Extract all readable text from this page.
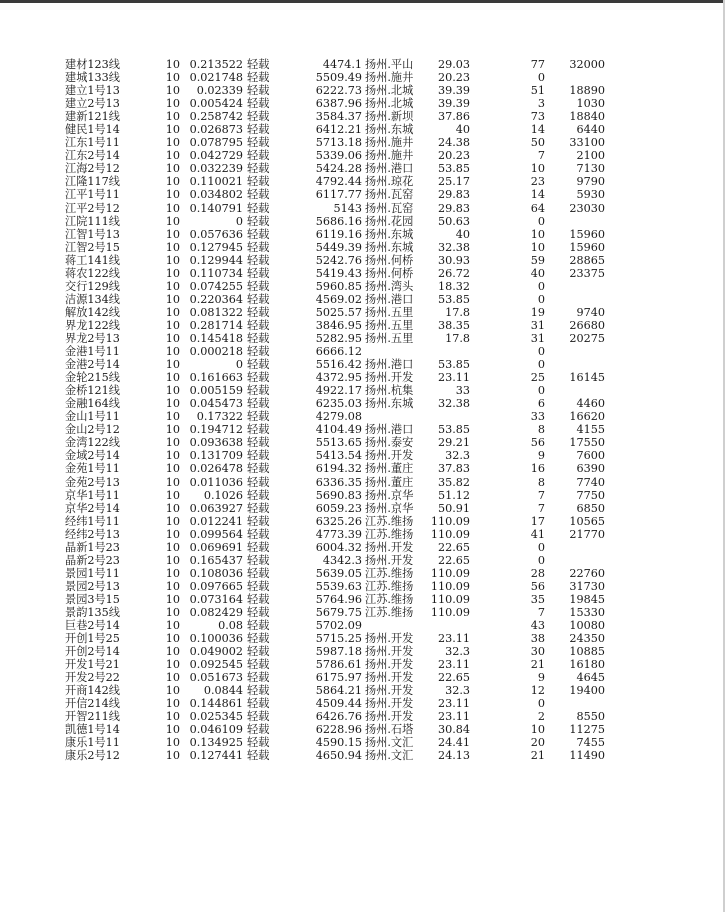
建材123线	10 0.213522 轻载	4474.1 扬州.平山	29.03	77	32000
建城133线	10 0.021748 轻载	5509.49 扬州.施井	20.23	0
建立1号13	10	0.02339 轻载	6222.73 扬州.北城	39.39	51	18890
建立2号13	10 0.005424 轻载	6387.96 扬州.北城	39.39	3	1030
建新121线	10 0.258742 轻载	3584.37 扬州.新坝	37.86	73	18840
健民1号14	10 0.026873 轻载	6412.21 扬州.东城	40	14	6440
江东1号11	10 0.078795 轻载	5713.18 扬州.施井	24.38	50	33100
江东2号14	10 0.042729 轻载	5339.06 扬州.施井	20.23	7	2100
江海2号12	10 0.032239 轻载	5424.28 扬州.港口	53.85	10	7130
江隆117线	10 0.110021 轻载	4792.44 扬州.琼花	25.17	23	9790
江平1号11	10 0.034802 轻载	6117.77 扬州.瓦窑	29.83	14	5930
江平2号12	10 0.140791 轻载	5143 扬州.瓦窑	29.83	64	23030
江院111线	10	0 轻载	5686.16 扬州.花园	50.63	0
江智1号13	10 0.057636 轻载	6119.16 扬州.东城	40	10	15960
江智2号15	10 0.127945 轻载	5449.39 扬州.东城	32.38	10	15960
蒋工141线	10 0.129944 轻载	5242.76 扬州.何桥	30.93	59	28865
蒋农122线	10 0.110734 轻载	5419.43 扬州.何桥	26.72	40	23375
交行129线	10 0.074255 轻载	5960.85 扬州.湾头	18.32	0
洁源134线	10 0.220364 轻载	4569.02 扬州.港口	53.85	0
解放142线	10 0.081322 轻载	5025.57 扬州.五里	17.8	19	9740
界龙122线	10 0.281714 轻载	3846.95 扬州.五里	38.35	31	26680
界龙2号13	10 0.145418 轻载	5282.95 扬州.五里	17.8	31	20275
金港1号11	10 0.000218 轻载	6666.12	0
金港2号14	10	0 轻载	5516.42 扬州.港口	53.85	0
金轮215线	10 0.161663 轻载	4372.95 扬州.开发	23.11	25	16145
金桥121线	10 0.005159 轻载	4922.17 扬州.杭集	33	0
金融164线	10 0.045473 轻载	6235.03 扬州.东城	32.38	6	4460
金山1号11	10	0.17322 轻载	4279.08	33	16620
金山2号12	10 0.194712 轻载	4104.49 扬州.港口	53.85	8	4155
金湾122线	10 0.093638 轻载	5513.65 扬州.泰安	29.21	56	17550
金域2号14	10 0.131709 轻载	5413.54 扬州.开发	32.3	9	7600
金苑1号11	10 0.026478 轻载	6194.32 扬州.董庄	37.83	16	6390
金苑2号13	10 0.011036 轻载	6336.35 扬州.董庄	35.82	8	7740
京华1号11	10	0.1026 轻载	5690.83 扬州.京华	51.12	7	7750
京华2号14	10 0.063927 轻载	6059.23 扬州.京华	50.91	7	6850
经纬1号11	10 0.012241 轻载	6325.26 江苏.维扬	110.09	17	10565
经纬2号13	10 0.099564 轻载	4773.39 江苏.维扬	110.09	41	21770
晶新1号23	10 0.069691 轻载	6004.32 扬州.开发	22.65	0
晶新2号23	10 0.165437 轻载	4342.3 扬州.开发	22.65	0
景园1号11	10 0.108036 轻载	5639.05 江苏.维扬	110.09	28	22760
景园2号13	10 0.097665 轻载	5539.63 江苏.维扬	110.09	56	31730
景园3号15	10 0.073164 轻载	5764.96 江苏.维扬	110.09	35	19845
景韵135线	10 0.082429 轻载	5679.75 江苏.维扬	110.09	7	15330
巨巷2号14	10	0.08 轻载	5702.09	43	10080
开创1号25	10 0.100036 轻载	5715.25 扬州.开发	23.11	38	24350
开创2号14	10 0.049002 轻载	5987.18 扬州.开发	32.3	30	10885
开发1号21	10 0.092545 轻载	5786.61 扬州.开发	23.11	21	16180
开发2号22	10 0.051673 轻载	6175.97 扬州.开发	22.65	9	4645
开商142线	10	0.0844 轻载	5864.21 扬州.开发	32.3	12	19400
开信214线	10 0.144861 轻载	4509.44 扬州.开发	23.11	0
开智211线	10 0.025345 轻载	6426.76 扬州.开发	23.11	2	8550
凯德1号14	10 0.046109 轻载	6228.96 扬州.石塔	30.84	10	11275
康乐1号11	10 0.134925 轻载	4590.15 扬州.文汇	24.41	20	7455
康乐2号12	10 0.127441 轻载	4650.94 扬州.文汇	24.13	21	11490
